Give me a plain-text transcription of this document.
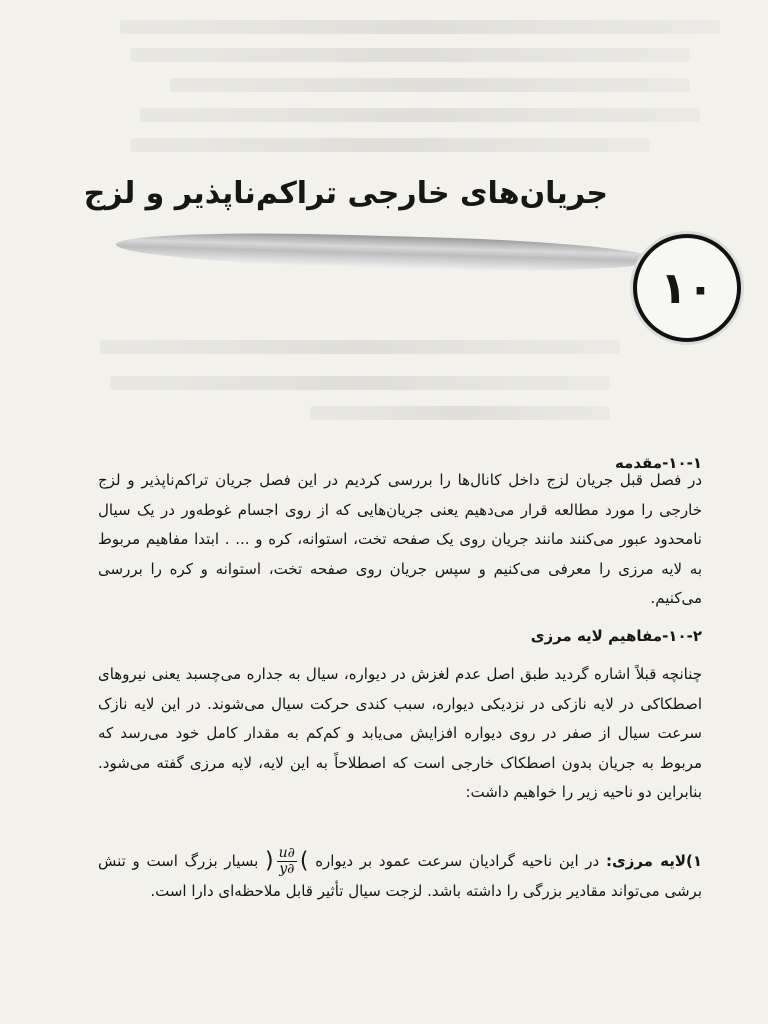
جریان‌های خارجی تراکم‌ناپذیر و لزج
۱۰
۱۰-۱-مقدمه

در فصل قبل جریان لزج داخل کانال‌ها را بررسی کردیم در این فصل جریان تراکم‌ناپذیر و لزج خارجی را مورد مطالعه قرار می‌دهیم یعنی جریان‌هایی که از روی اجسام غوطه‌ور در یک سیال نامحدود عبور می‌کنند مانند جریان روی یک صفحه تخت، استوانه، کره و ... . ابتدا مفاهیم مربوط به لایه مرزی را معرفی می‌کنیم و سپس جریان روی صفحه تخت، استوانه و کره را بررسی می‌کنیم.

۱۰-۲-مفاهیم لایه مرزی

چنانچه قبلاً اشاره گردید طبق اصل عدم لغزش در دیواره، سیال به جداره می‌چسبد یعنی نیروهای اصطکاکی در لایه نازکی در نزدیکی دیواره، سبب کندی حرکت سیال می‌شوند. در این لایه نازک سرعت سیال از صفر در روی دیواره افزایش می‌یابد و کم‌کم به مقدار کامل خود می‌رسد که مربوط به جریان بدون اصطکاک خارجی است که اصطلاحاً به این لایه، لایه مرزی گفته می‌شود. بنابراین دو ناحیه زیر را خواهیم داشت:

۱)لایه مرزی: در این ناحیه گرادیان سرعت عمود بر دیواره )
$\frac{\partial u}{\partial y}$
( بسیار بزرگ است و تنش برشی می‌تواند مقادیر بزرگی را داشته باشد. لزجت سیال تأثیر قابل ملاحظه‌ای دارا است.
